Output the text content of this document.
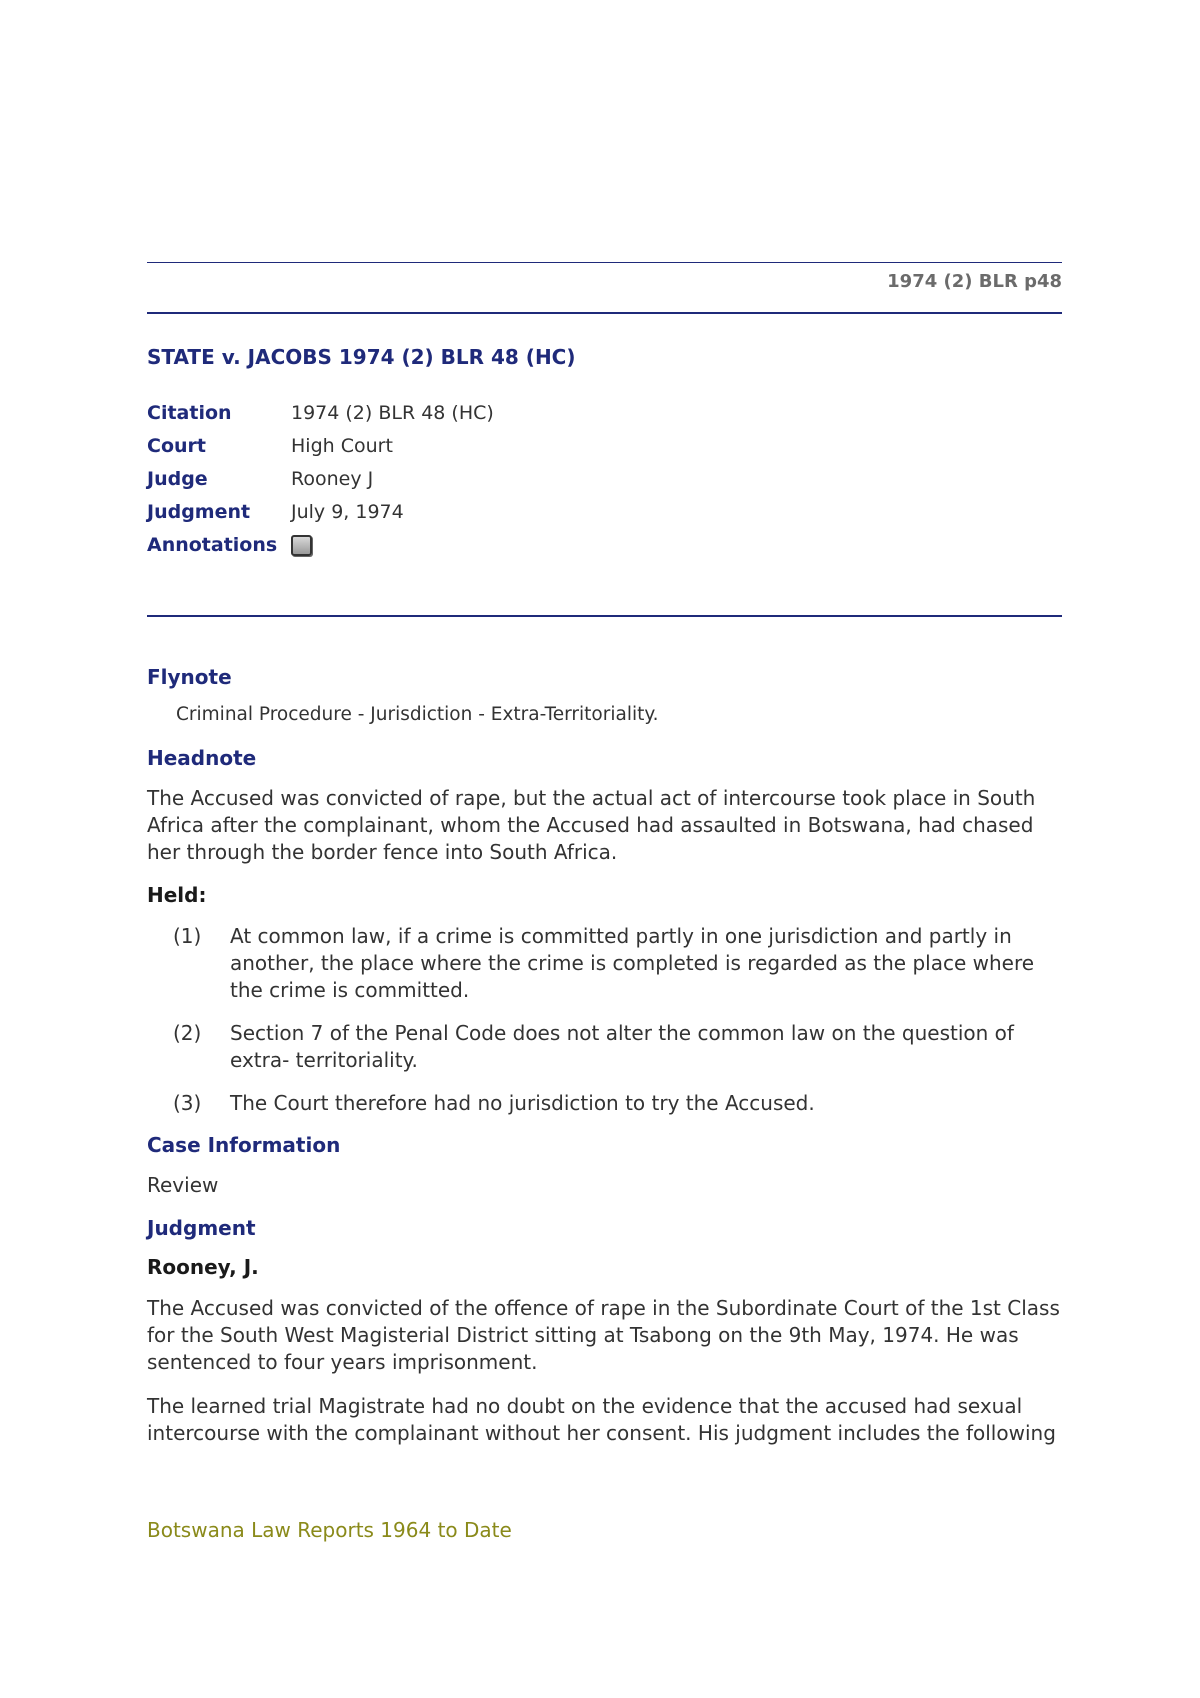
1974 (2) BLR p48
STATE v. JACOBS 1974 (2) BLR 48 (HC)
Citation	1974 (2) BLR 48 (HC)
Court	High Court
Judge	Rooney J
Judgment	July 9, 1974
Annotations
Flynote
Criminal Procedure - Jurisdiction - Extra-Territoriality.
Headnote

The Accused was convicted of rape, but the actual act of intercourse took place in South Africa after the complainant, whom the Accused had assaulted in Botswana, had chased her through the border fence into South Africa.

Held:
(1)	At common law, if a crime is committed partly in one jurisdiction and partly in another, the place where the crime is completed is regarded as the place where the crime is committed.
(2)	Section 7 of the Penal Code does not alter the common law on the question of extra- territoriality.
(3)	The Court therefore had no jurisdiction to try the Accused.
Case Information

Review

Judgment
Rooney, J.

The Accused was convicted of the offence of rape in the Subordinate Court of the 1st Class for the South West Magisterial District sitting at Tsabong on the 9th May, 1974. He was sentenced to four years imprisonment.

The learned trial Magistrate had no doubt on the evidence that the accused had sexual intercourse with the complainant without her consent. His judgment includes the following

Botswana Law Reports 1964 to Date
